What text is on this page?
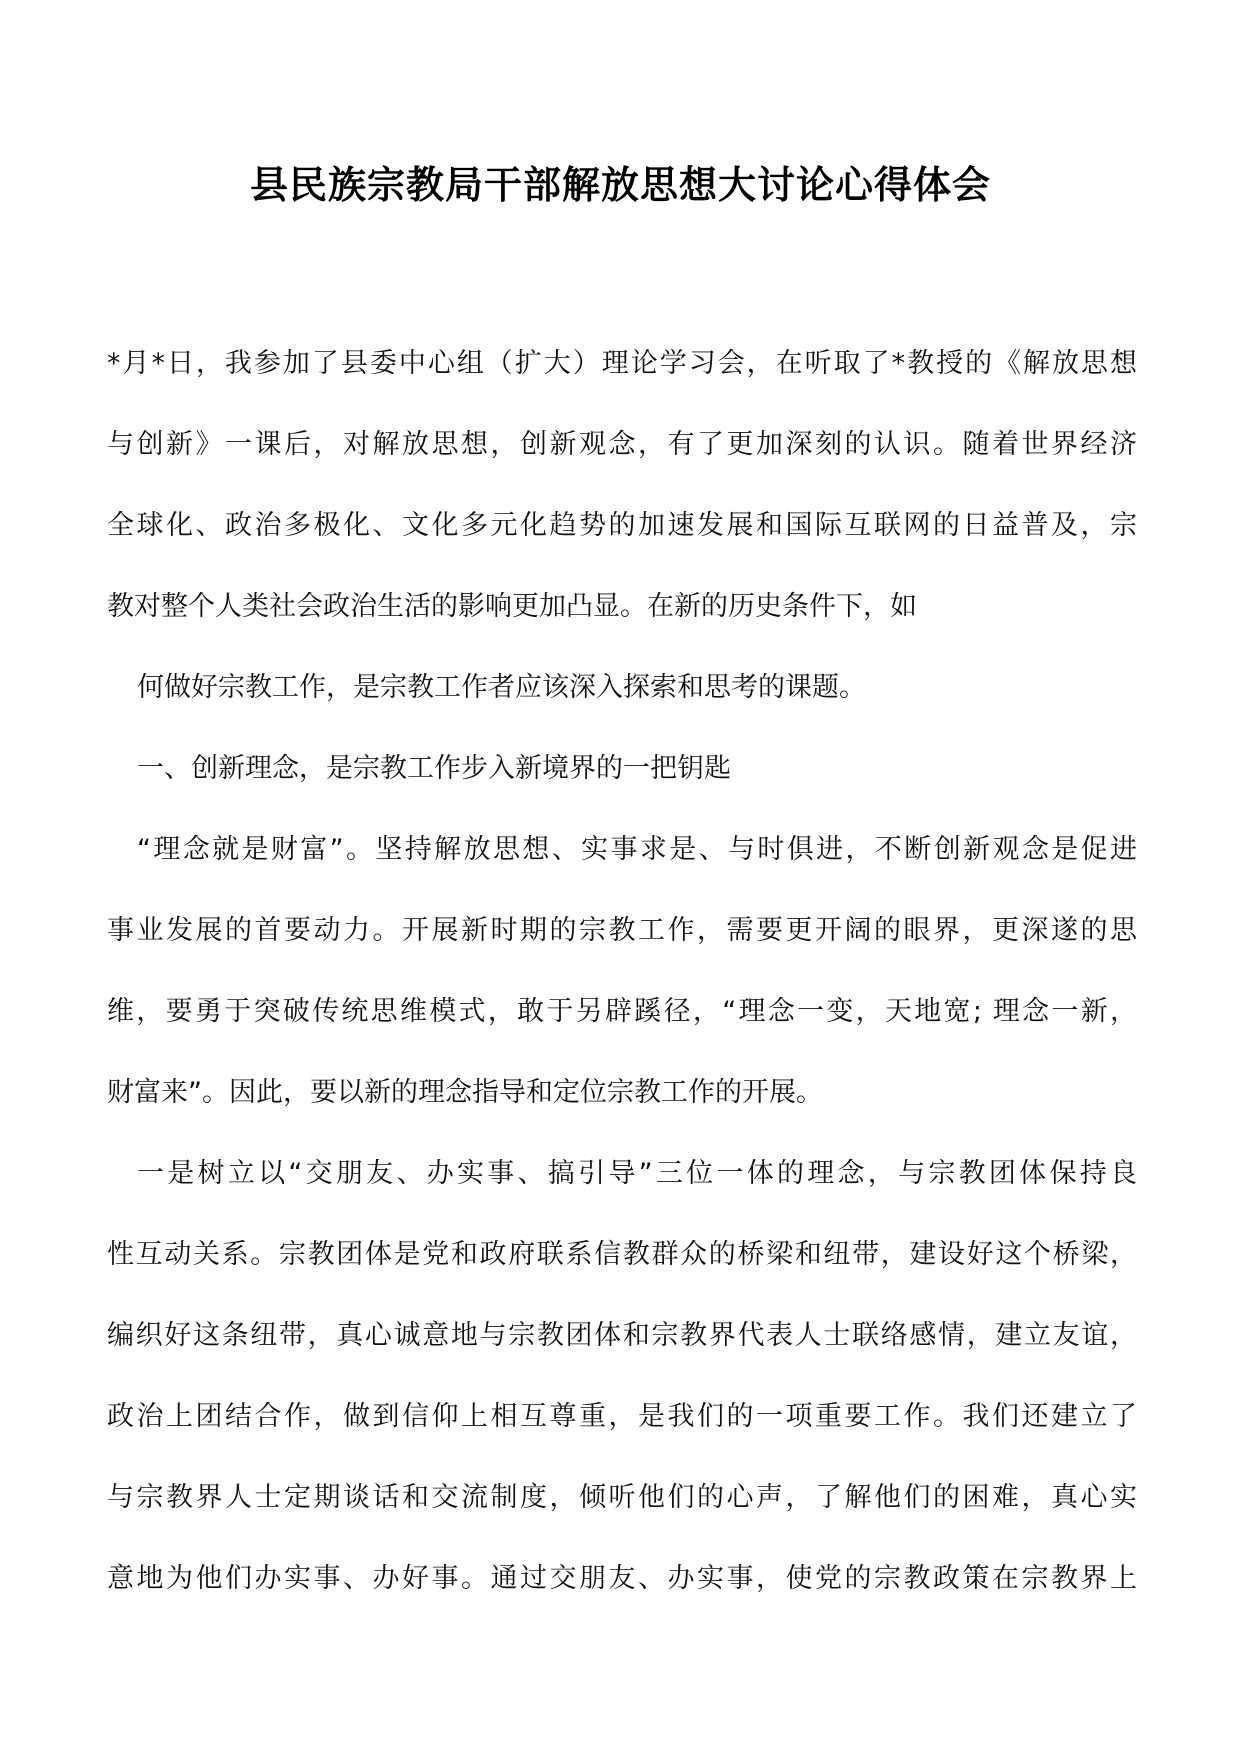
县民族宗教局干部解放思想大讨论心得体会
*月*日，我参加了县委中心组（扩大）理论学习会，在听取了*教授的《解放思想
与创新》一课后，对解放思想，创新观念，有了更加深刻的认识。随着世界经济
全球化、政治多极化、文化多元化趋势的加速发展和国际互联网的日益普及，宗
教对整个人类社会政治生活的影响更加凸显。在新的历史条件下，如
何做好宗教工作，是宗教工作者应该深入探索和思考的课题。
一、创新理念，是宗教工作步入新境界的一把钥匙
“理念就是财富”。坚持解放思想、实事求是、与时俱进，不断创新观念是促进
事业发展的首要动力。开展新时期的宗教工作，需要更开阔的眼界，更深遂的思
维，要勇于突破传统思维模式，敢于另辟蹊径，“理念一变，天地宽; 理念一新，
财富来”。因此，要以新的理念指导和定位宗教工作的开展。
一是树立以“交朋友、办实事、搞引导”三位一体的理念，与宗教团体保持良
性互动关系。宗教团体是党和政府联系信教群众的桥梁和纽带，建设好这个桥梁，
编织好这条纽带，真心诚意地与宗教团体和宗教界代表人士联络感情，建立友谊，
政治上团结合作，做到信仰上相互尊重，是我们的一项重要工作。我们还建立了
与宗教界人士定期谈话和交流制度，倾听他们的心声，了解他们的困难，真心实
意地为他们办实事、办好事。通过交朋友、办实事，使党的宗教政策在宗教界上
